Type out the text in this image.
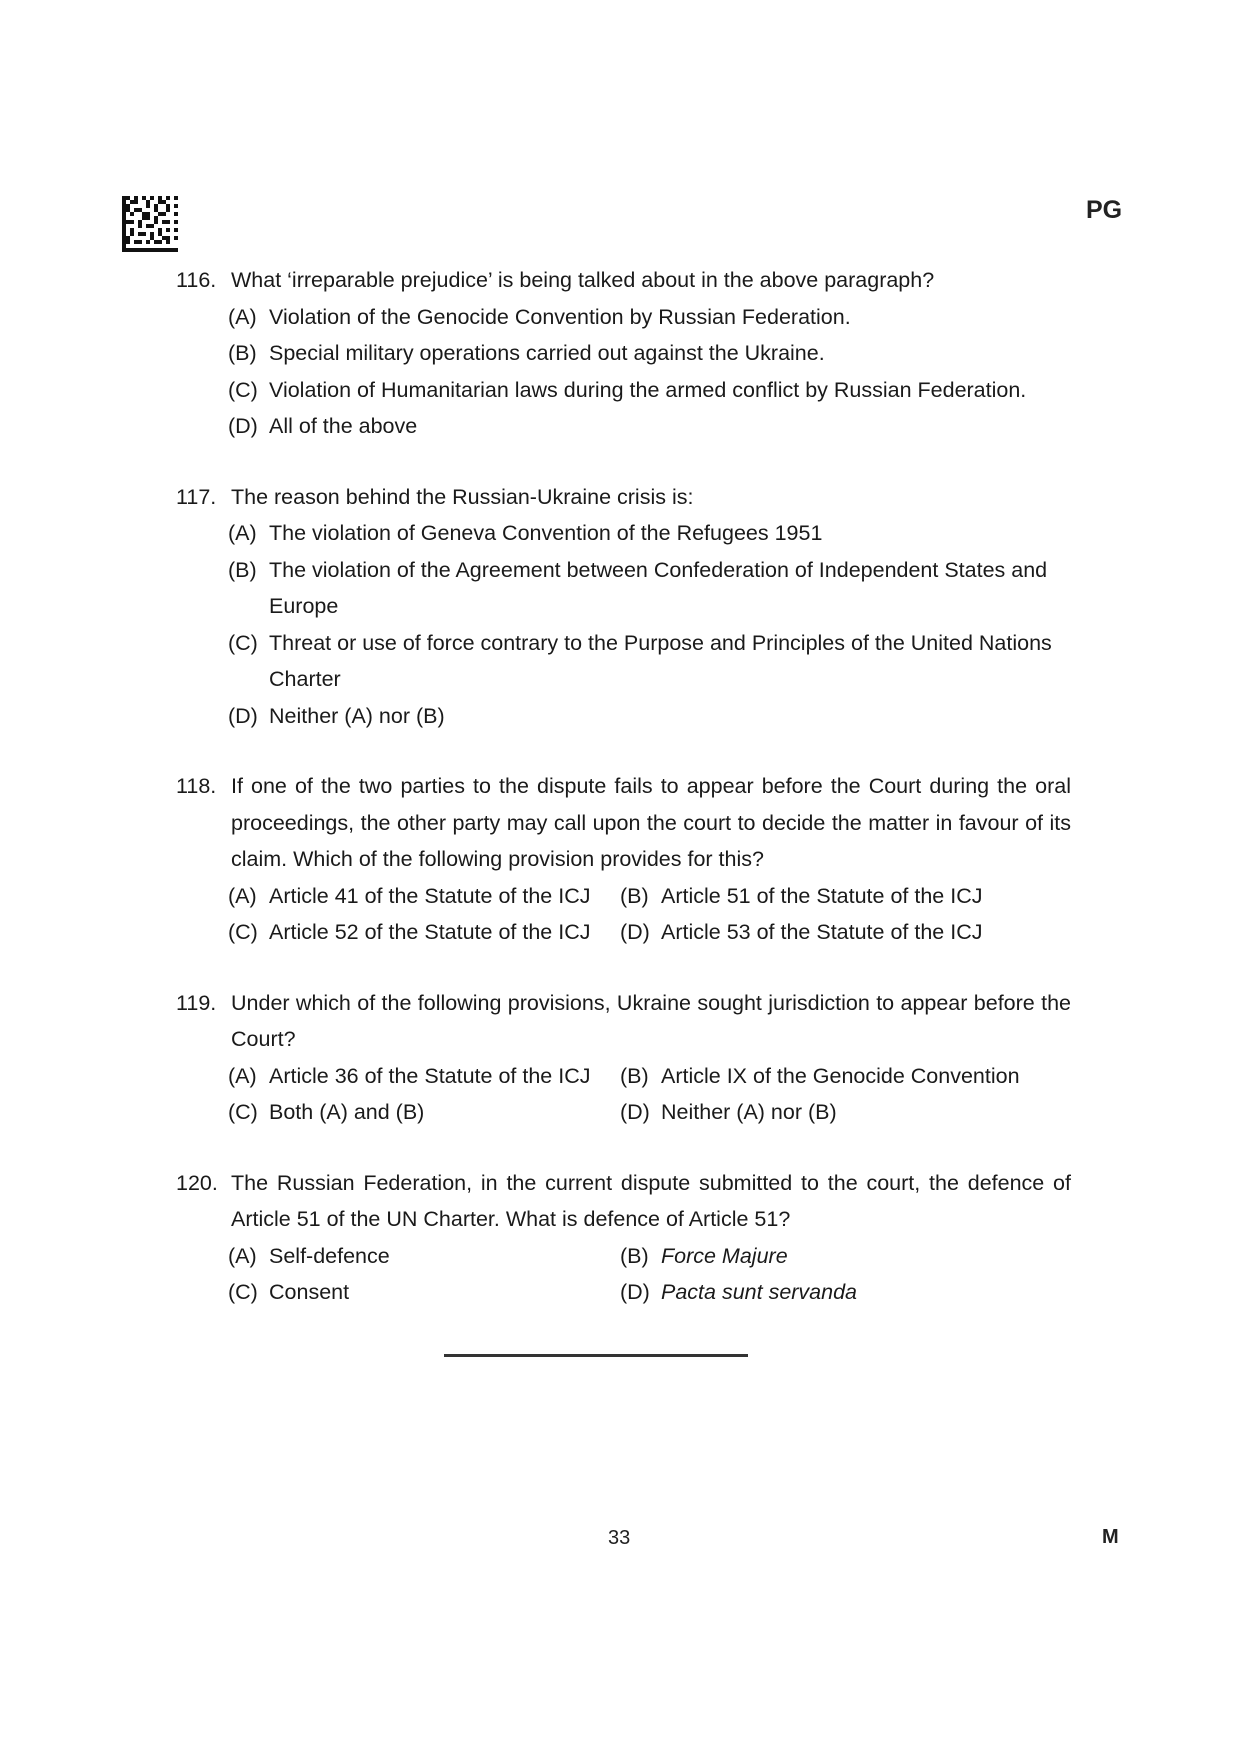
PG
116. What ‘irreparable prejudice’ is being talked about in the above paragraph?
(A) Violation of the Genocide Convention by Russian Federation.
(B) Special military operations carried out against the Ukraine.
(C) Violation of Humanitarian laws during the armed conflict by Russian Federation.
(D) All of the above
117. The reason behind the Russian-Ukraine crisis is:
(A) The violation of Geneva Convention of the Refugees 1951
(B) The violation of the Agreement between Confederation of Independent States and Europe
(C) Threat or use of force contrary to the Purpose and Principles of the United Nations Charter
(D) Neither (A) nor (B)
118. If one of the two parties to the dispute fails to appear before the Court during the oral proceedings, the other party may call upon the court to decide the matter in favour of its claim. Which of the following provision provides for this?
(A) Article 41 of the Statute of the ICJ (B) Article 51 of the Statute of the ICJ
(C) Article 52 of the Statute of the ICJ (D) Article 53 of the Statute of the ICJ
119. Under which of the following provisions, Ukraine sought jurisdiction to appear before the Court?
(A) Article 36 of the Statute of the ICJ (B) Article IX of the Genocide Convention
(C) Both (A) and (B)	(D) Neither (A) nor (B)
120. The Russian Federation, in the current dispute submitted to the court, the defence of Article 51 of the UN Charter. What is defence of Article 51?
(A) Self-defence	(B) Force Majure
(C) Consent	(D) Pacta sunt servanda
33	M
